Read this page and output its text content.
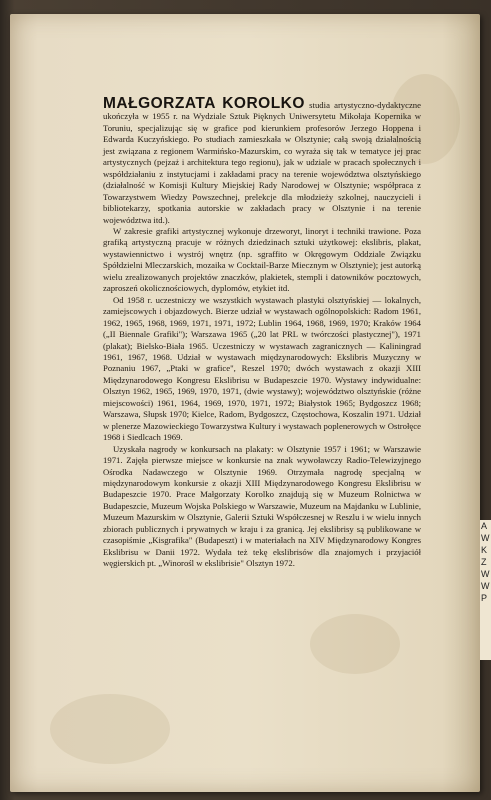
MAŁGORZATA KOROLKO studia artystyczno-dydaktyczne ukończyła w 1955 r. na Wydziale Sztuk Pięknych Uniwersytetu Mikołaja Kopernika w Toruniu, specjalizując się w grafice pod kierunkiem profesorów Jerzego Hoppena i Edwarda Kuczyńskiego. Po studiach zamieszkała w Olsztynie; całą swoją działalnością jest związana z regionem Warmińsko-Mazurskim, co wyraża się tak w tematyce jej prac artystycznych (pejzaż i architektura tego regionu), jak w udziale w pracach społecznych i współdziałaniu z instytucjami i zakładami pracy na terenie województwa olsztyńskiego (działalność w Komisji Kultury Miejskiej Rady Narodowej w Olsztynie; współpraca z Towarzystwem Wiedzy Powszechnej, prelekcje dla młodzieży szkolnej, nauczycieli i bibliotekarzy, spotkania autorskie w zakładach pracy w Olsztynie i na terenie województwa itd.).

W zakresie grafiki artystycznej wykonuje drzeworyt, linoryt i techniki trawione. Poza grafiką artystyczną pracuje w różnych dziedzinach sztuki użytkowej: ekslibris, plakat, wystawiennictwo i wystrój wnętrz (np. sgraffito w Okręgowym Oddziale Związku Spółdzielni Mleczarskich, mozaika w Cocktail-Barze Miecznym w Olsztynie); jest autorką wielu zrealizowanych projektów znaczków, plakietek, stempli i datowników pocztowych, zaproszeń okolicznościowych, dyplomów, etykiet itd.

Od 1958 r. uczestniczy we wszystkich wystawach plastyki olsztyńskiej — lokalnych, zamiejscowych i objazdowych. Bierze udział w wystawach ogólnopolskich: Radom 1961, 1962, 1965, 1968, 1969, 1971, 1971, 1972; Lublin 1964, 1968, 1969, 1970; Kraków 1964 („II Biennale Grafiki"); Warszawa 1965 („20 lat PRL w twórczości plastycznej"), 1971 (plakat); Bielsko-Biała 1965. Uczestniczy w wystawach zagranicznych — Kaliningrad 1961, 1967, 1968. Udział w wystawach międzynarodowych: Ekslibris Muzyczny w Poznaniu 1967, „Ptaki w grafice", Reszel 1970; dwóch wystawach z okazji XIII Międzynarodowego Kongresu Ekslibrisu w Budapeszcie 1970. Wystawy indywidualne: Olsztyn 1962, 1965, 1969, 1970, 1971, (dwie wystawy); województwo olsztyńskie (różne miejscowości) 1961, 1964, 1969, 1970, 1971, 1972; Białystok 1965; Bydgoszcz 1968; Warszawa, Słupsk 1970; Kielce, Radom, Bydgoszcz, Częstochowa, Koszalin 1971. Udział w plenerze Mazowieckiego Towarzystwa Kultury i wystawach poplenerowych w Ostrołęce 1968 i Siedlcach 1969.

Uzyskała nagrody w konkursach na plakaty: w Olsztynie 1957 i 1961; w Warszawie 1971. Zajęła pierwsze miejsce w konkursie na znak wywoławczy Radio-Telewizyjnego Ośrodka Nadawczego w Olsztynie 1969. Otrzymała nagrodę specjalną w międzynarodowym konkursie z okazji XIII Międzynarodowego Kongresu Ekslibrisu w Budapeszcie 1970. Prace Małgorzaty Korolko znajdują się w Muzeum Rolnictwa w Budapeszcie, Muzeum Wojska Polskiego w Warszawie, Muzeum na Majdanku w Lublinie, Muzeum Mazurskim w Olsztynie, Galerii Sztuki Współczesnej w Reszlu i w wielu innych zbiorach publicznych i prywatnych w kraju i za granicą. Jej ekslibrisy są publikowane w czasopiśmie „Kisgrafika" (Budapeszt) i w materiałach na XIV Międzynarodowy Kongres Ekslibrisu w Danii 1972. Wydała też tekę ekslibrisów dla znajomych i przyjaciół węgierskich pt. „Winorośl w ekslibrisie" Olsztyn 1972.

A
W
K
Z
W
W
P
